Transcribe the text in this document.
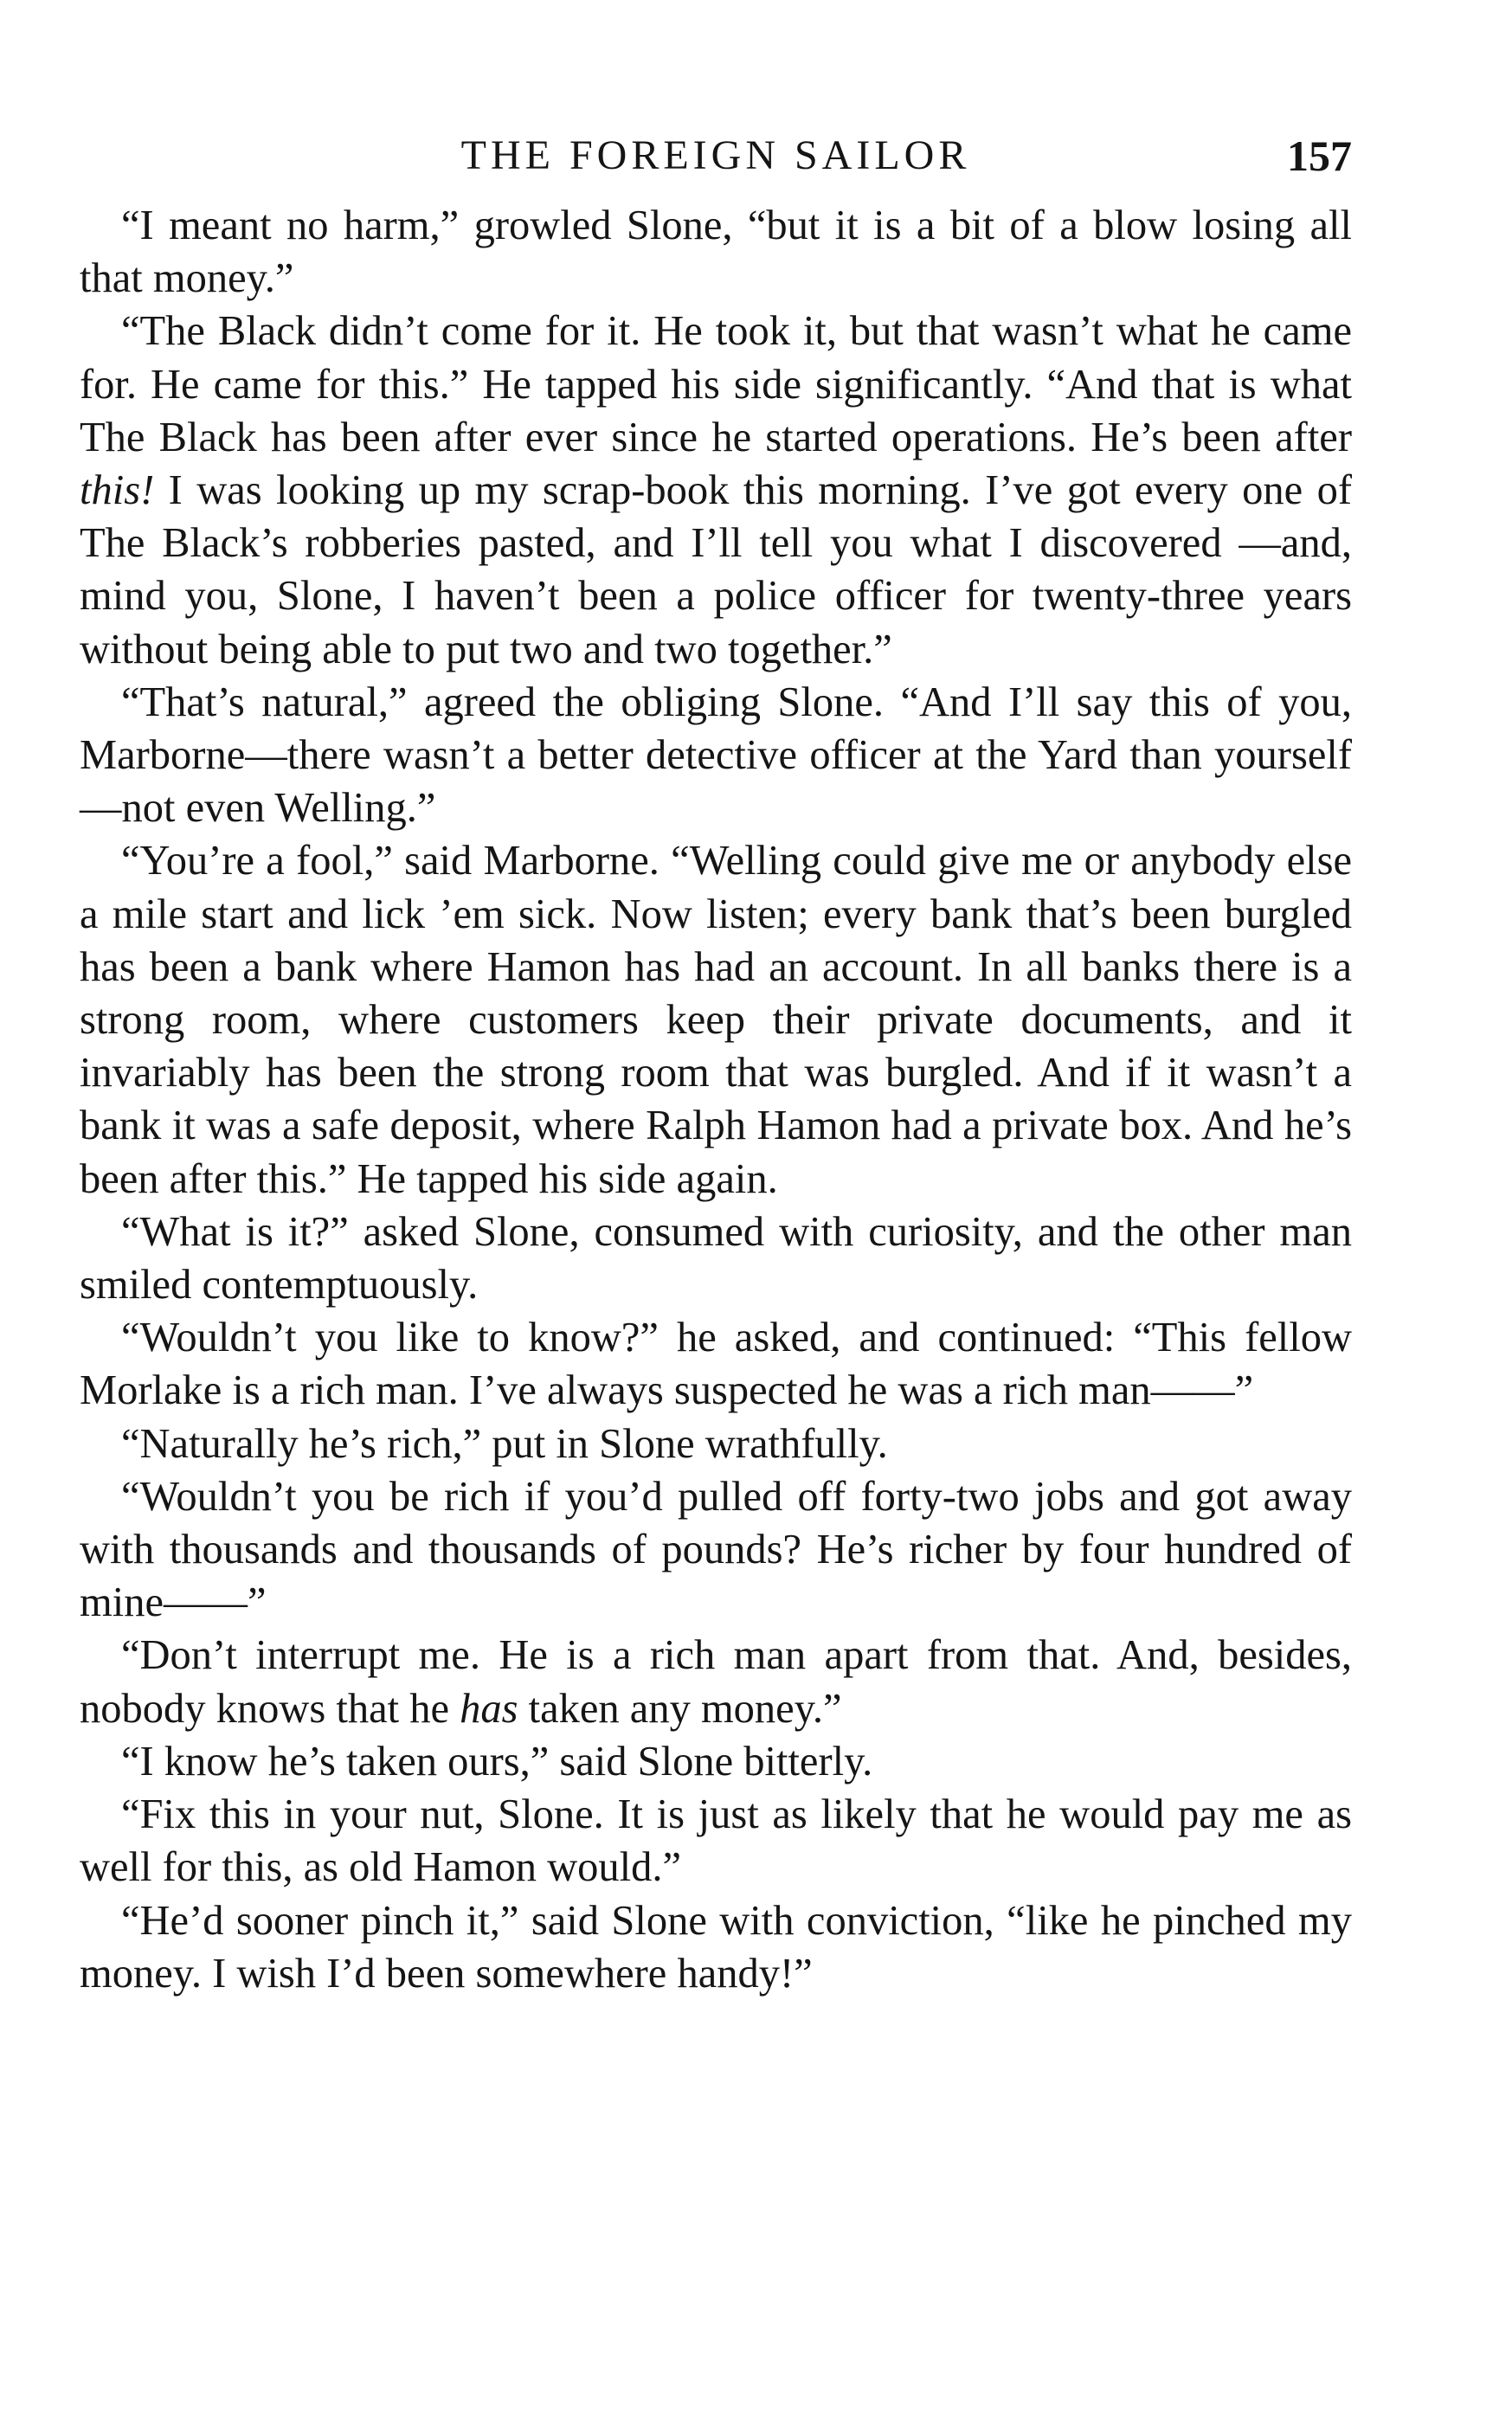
THE FOREIGN SAILOR	157

“I meant no harm,” growled Slone, “but it is a bit of a blow losing all that money.”

“The Black didn’t come for it. He took it, but that wasn’t what he came for. He came for this.” He tapped his side significantly. “And that is what The Black has been after ever since he started operations. He’s been after this! I was looking up my scrap-book this morning. I’ve got every one of The Black’s robberies pasted, and I’ll tell you what I discovered —and, mind you, Slone, I haven’t been a police officer for twenty-three years without being able to put two and two together.”

“That’s natural,” agreed the obliging Slone. “And I’ll say this of you, Marborne—there wasn’t a better detective officer at the Yard than yourself—not even Welling.”

“You’re a fool,” said Marborne. “Welling could give me or anybody else a mile start and lick ’em sick. Now listen; every bank that’s been burgled has been a bank where Hamon has had an account. In all banks there is a strong room, where customers keep their private documents, and it invariably has been the strong room that was burgled. And if it wasn’t a bank it was a safe deposit, where Ralph Hamon had a private box. And he’s been after this.” He tapped his side again.

“What is it?” asked Slone, consumed with curiosity, and the other man smiled contemptuously.

“Wouldn’t you like to know?” he asked, and continued: “This fellow Morlake is a rich man. I’ve always suspected he was a rich man——”

“Naturally he’s rich,” put in Slone wrathfully.

“Wouldn’t you be rich if you’d pulled off forty-two jobs and got away with thousands and thousands of pounds? He’s richer by four hundred of mine——”

“Don’t interrupt me. He is a rich man apart from that. And, besides, nobody knows that he has taken any money.”

“I know he’s taken ours,” said Slone bitterly.

“Fix this in your nut, Slone. It is just as likely that he would pay me as well for this, as old Hamon would.”

“He’d sooner pinch it,” said Slone with conviction, “like he pinched my money. I wish I’d been somewhere handy!”
